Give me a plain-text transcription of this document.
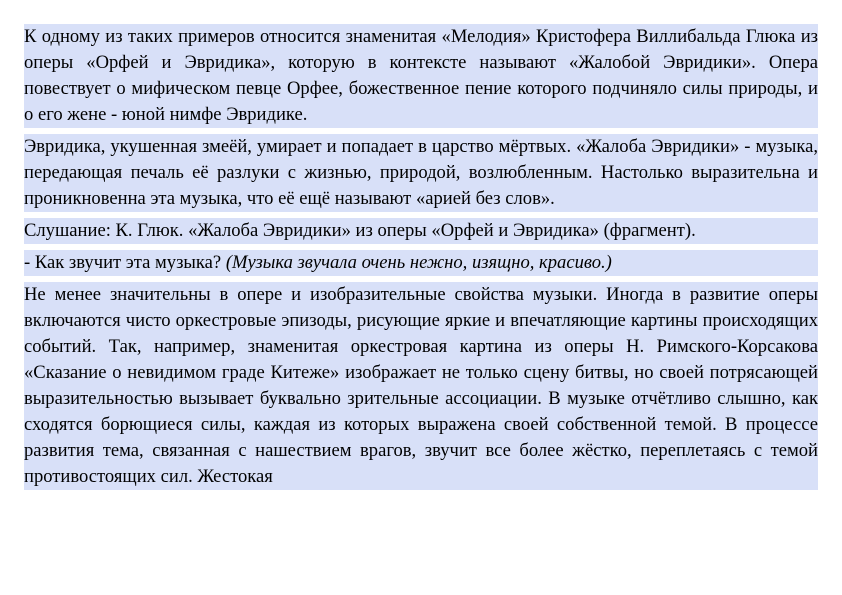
К одному из таких примеров относится знаменитая «Мелодия» Кристофера Виллибальда Глюка из оперы «Орфей и Эвридика», которую в контексте называют «Жалобой Эвридики». Опера повествует о мифическом певце Орфее, божественное пение которого подчиняло силы природы, и о его жене - юной нимфе Эвридике.

Эвридика, укушенная змеёй, умирает и попадает в царство мёртвых. «Жалоба Эвридики» - музыка, передающая печаль её разлуки с жизнью, природой, возлюбленным. Настолько выразительна и проникновенна эта музыка, что её ещё называют «арией без слов».

Слушание: К. Глюк. «Жалоба Эвридики» из оперы «Орфей и Эвридика» (фрагмент).

- Как звучит эта музыка? (Музыка звучала очень нежно, изящно, красиво.)

Не менее значительны в опере и изобразительные свойства музыки. Иногда в развитие оперы включаются чисто оркестровые эпизоды, рисующие яркие и впечатляющие картины происходящих событий. Так, например, знаменитая оркестровая картина из оперы Н. Римского-Корсакова «Сказание о невидимом граде Китеже» изображает не только сцену битвы, но своей потрясающей выразительностью вызывает буквально зрительные ассоциации. В музыке отчётливо слышно, как сходятся борющиеся силы, каждая из которых выражена своей собственной темой. В процессе развития тема, связанная с нашествием врагов, звучит все более жёстко, переплетаясь с темой противостоящих сил. Жестокая
